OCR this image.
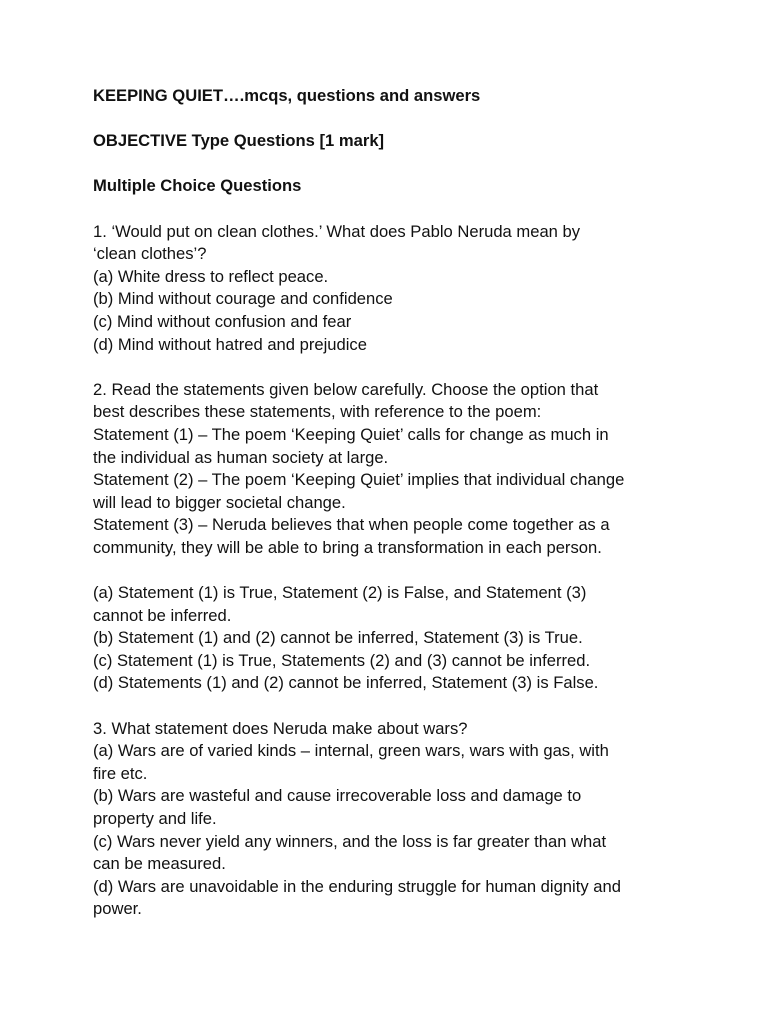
KEEPING QUIET….mcqs, questions and answers
OBJECTIVE Type Questions [1 mark]
Multiple Choice Questions
1. ‘Would put on clean clothes.’ What does Pablo Neruda mean by
‘clean clothes’?
(a) White dress to reflect peace.
(b) Mind without courage and confidence
(c) Mind without confusion and fear
(d) Mind without hatred and prejudice
2. Read the statements given below carefully. Choose the option that
best describes these statements, with reference to the poem:
Statement (1) – The poem ‘Keeping Quiet’ calls for change as much in
the individual as human society at large.
Statement (2) – The poem ‘Keeping Quiet’ implies that individual change
will lead to bigger societal change.
Statement (3) – Neruda believes that when people come together as a
community, they will be able to bring a transformation in each person.
(a) Statement (1) is True, Statement (2) is False, and Statement (3)
cannot be inferred.
(b) Statement (1) and (2) cannot be inferred, Statement (3) is True.
(c) Statement (1) is True, Statements (2) and (3) cannot be inferred.
(d) Statements (1) and (2) cannot be inferred, Statement (3) is False.
3. What statement does Neruda make about wars?
(a) Wars are of varied kinds – internal, green wars, wars with gas, with
fire etc.
(b) Wars are wasteful and cause irrecoverable loss and damage to
property and life.
(c) Wars never yield any winners, and the loss is far greater than what
can be measured.
(d) Wars are unavoidable in the enduring struggle for human dignity and
power.
